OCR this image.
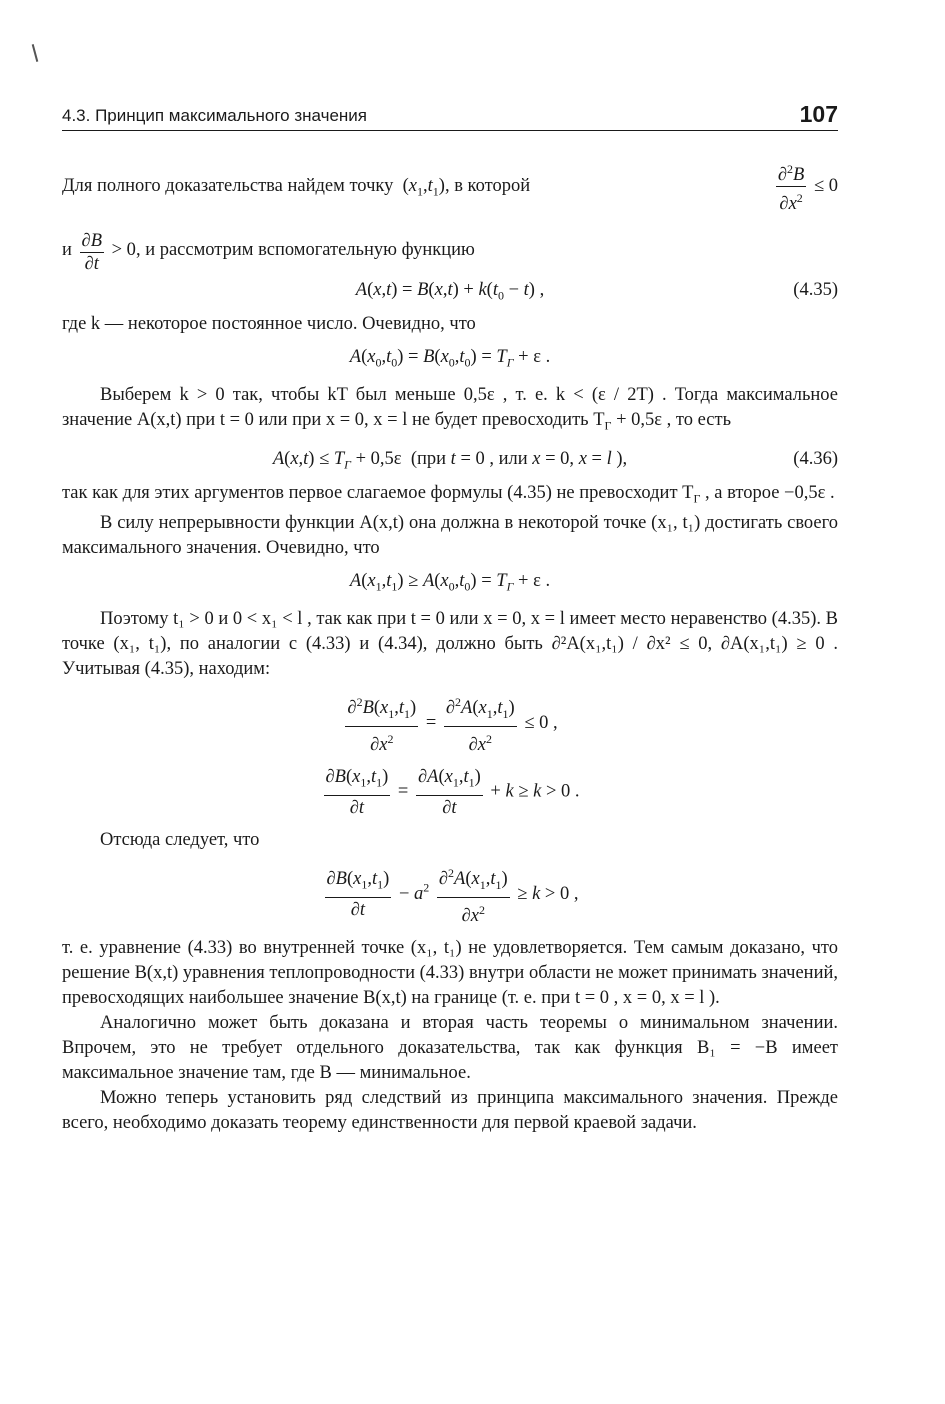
4.3. Принцип максимального значения	107
Для полного доказательства найдем точку  $(x_1,t_1)$, в которой	$\frac{\partial^2B}{\partial x^2} \le 0$
и $\frac{\partial B}{\partial t} > 0$, и рассмотрим вспомогательную функцию
$A(x,t) = B(x,t) + k(t_0 - t)$ ,	(4.35)

где k — некоторое постоянное число. Очевидно, что

$A(x_0,t_0) = B(x_0,t_0) = T_\Gamma + \varepsilon$ .

Выберем k > 0 так, чтобы kT был меньше 0,5ε , т. е. k < (ε / 2T) . Тогда максимальное значение A(x,t) при t = 0 или при x = 0, x = l не будет превосходить $T_\Gamma + 0,5\varepsilon$ , то есть

$A(x,t) \le T_\Gamma + 0,5\varepsilon$  (при t = 0 , или x = 0, x = l ),	(4.36)

так как для этих аргументов первое слагаемое формулы (4.35) не превосходит $T_\Gamma$ , а второе −0,5ε .

В силу непрерывности функции A(x,t) она должна в некоторой точке (x₁, t₁) достигать своего максимального значения. Очевидно, что

$A(x_1,t_1) \ge A(x_0,t_0) = T_\Gamma + \varepsilon$ .

Поэтому t₁ > 0 и 0 < x₁ < l , так как при t = 0 или x = 0, x = l имеет место неравенство (4.35). В точке (x₁, t₁), по аналогии с (4.33) и (4.34), должно быть ∂²A(x₁,t₁) / ∂x² ≤ 0, ∂A(x₁,t₁) ≥ 0 . Учитывая (4.35), находим:

$\frac{\partial^2B(x_1,t_1)}{\partial x^2} = \frac{\partial^2A(x_1,t_1)}{\partial x^2} \le 0$ ,
$\frac{\partial B(x_1,t_1)}{\partial t} = \frac{\partial A(x_1,t_1)}{\partial t} + k \ge k > 0$ .

Отсюда следует, что

$\frac{\partial B(x_1,t_1)}{\partial t} - a^2 \frac{\partial^2A(x_1,t_1)}{\partial x^2} \ge k > 0$ ,

т. е. уравнение (4.33) во внутренней точке (x₁, t₁) не удовлетворяется. Тем самым доказано, что решение B(x,t) уравнения теплопроводности (4.33) внутри области не может принимать значений, превосходящих наибольшее значение B(x,t) на границе (т. е. при t = 0 , x = 0, x = l ).

Аналогично может быть доказана и вторая часть теоремы о минимальном значении. Впрочем, это не требует отдельного доказательства, так как функция B₁ = −B имеет максимальное значение там, где B — минимальное.

Можно теперь установить ряд следствий из принципа максимального значения. Прежде всего, необходимо доказать теорему единственности для первой краевой задачи.
